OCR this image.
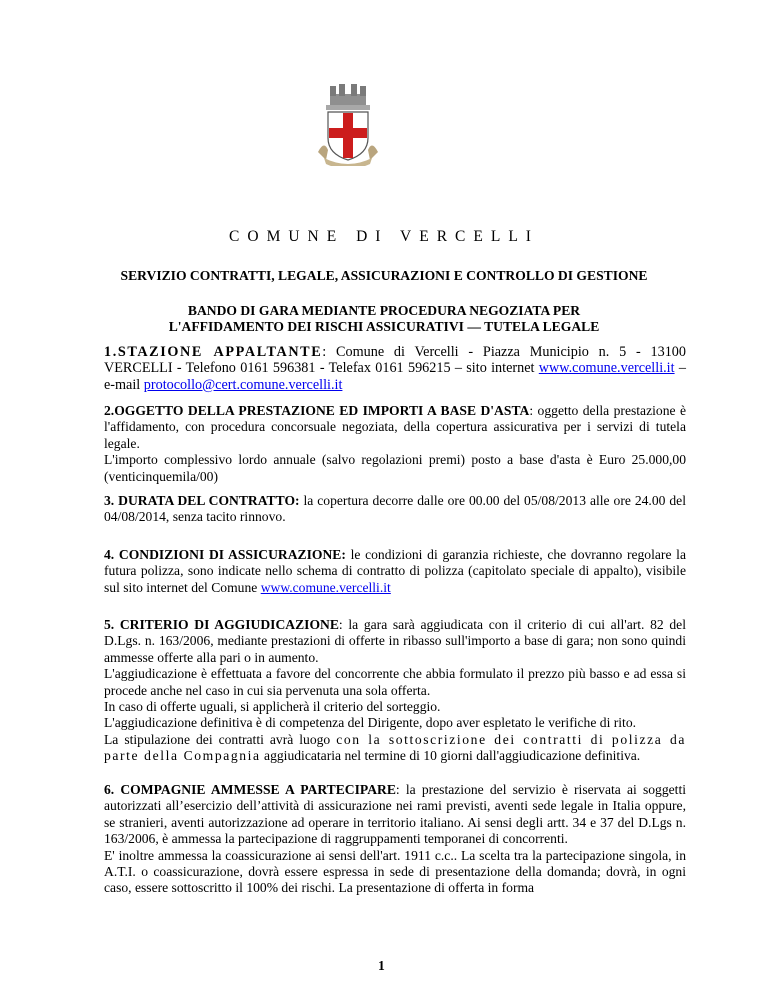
COMUNE DI VERCELLI
SERVIZIO CONTRATTI, LEGALE, ASSICURAZIONI E CONTROLLO DI GESTIONE
BANDO DI GARA MEDIANTE PROCEDURA NEGOZIATA PER
L'AFFIDAMENTO DEI RISCHI ASSICURATIVI — TUTELA LEGALE

1.STAZIONE APPALTANTE: Comune di Vercelli - Piazza Municipio n. 5 - 13100 VERCELLI - Telefono 0161 596381 - Telefax 0161 596215 – sito internet www.comune.vercelli.it – e-mail protocollo@cert.comune.vercelli.it

2.OGGETTO DELLA PRESTAZIONE ED IMPORTI A BASE D'ASTA: oggetto della prestazione è l'affidamento, con procedura concorsuale negoziata, della copertura assicurativa per i servizi di tutela legale.

L'importo complessivo lordo annuale (salvo regolazioni premi) posto a base d'asta è Euro 25.000,00 (venticinquemila/00)

3. DURATA DEL CONTRATTO: la copertura decorre dalle ore 00.00 del 05/08/2013 alle ore 24.00 del 04/08/2014, senza tacito rinnovo.

4. CONDIZIONI DI ASSICURAZIONE: le condizioni di garanzia richieste, che dovranno regolare la futura polizza, sono indicate nello schema di contratto di polizza (capitolato speciale di appalto), visibile sul sito internet del Comune www.comune.vercelli.it

5. CRITERIO DI AGGIUDICAZIONE: la gara sarà aggiudicata con il criterio di cui all'art. 82 del D.Lgs. n. 163/2006, mediante prestazioni di offerte in ribasso sull'importo a base di gara; non sono quindi ammesse offerte alla pari o in aumento.

L'aggiudicazione è effettuata a favore del concorrente che abbia formulato il prezzo più basso e ad essa si procede anche nel caso in cui sia pervenuta una sola offerta.

In caso di offerte uguali, si applicherà il criterio del sorteggio.

L'aggiudicazione definitiva è di competenza del Dirigente, dopo aver espletato le verifiche di rito.

La stipulazione dei contratti avrà luogo con la sottoscrizione dei contratti di polizza da parte della Compagnia aggiudicataria nel termine di 10 giorni dall'aggiudicazione definitiva.

6. COMPAGNIE AMMESSE A PARTECIPARE: la prestazione del servizio è riservata ai soggetti autorizzati all’esercizio dell’attività di assicurazione nei rami previsti, aventi sede legale in Italia oppure, se stranieri, aventi autorizzazione ad operare in territorio italiano. Ai sensi degli artt. 34 e 37 del D.Lgs n. 163/2006, è ammessa la partecipazione di raggruppamenti temporanei di concorrenti.

E' inoltre ammessa la coassicurazione ai sensi dell'art. 1911 c.c.. La scelta tra la partecipazione singola, in A.T.I. o coassicurazione, dovrà essere espressa in sede di presentazione della domanda; dovrà, in ogni caso, essere sottoscritto il 100% dei rischi. La presentazione di offerta in forma

1
